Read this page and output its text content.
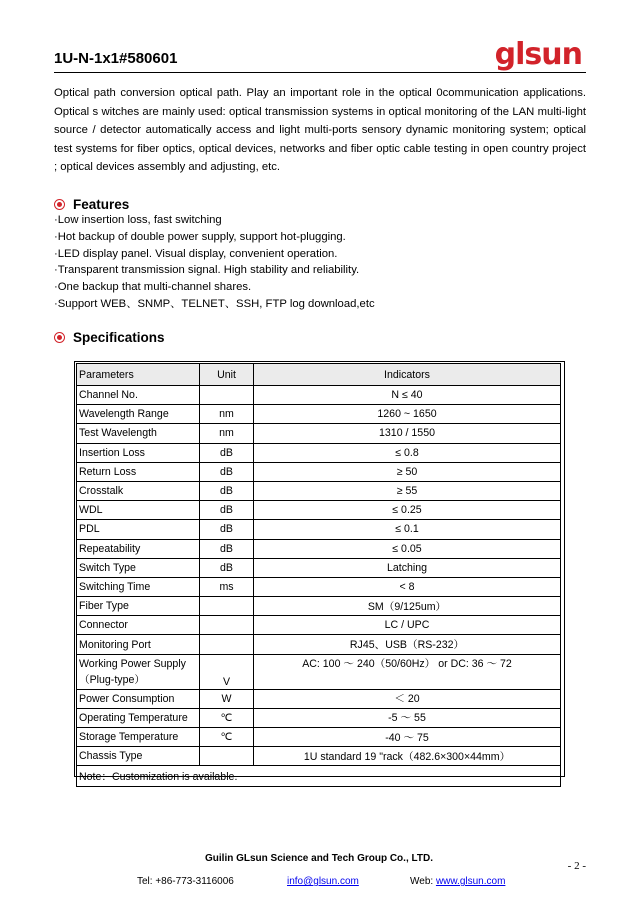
1U-N-1x1#580601	glsun
Optical path conversion optical path. Play an important role in the optical 0communication applications. Optical s witches are mainly used: optical transmission systems in optical monitoring of the LAN multi-light source / detector automatically access and light multi-ports sensory dynamic monitoring system; optical test systems for fiber optics, optical devices, networks and fiber optic cable testing in open country project ; optical devices assembly and adjusting, etc.
Features
·Low insertion loss, fast switching
·Hot backup of double power supply, support hot-plugging.
·LED display panel. Visual display, convenient operation.
·Transparent transmission signal. High stability and reliability.
·One backup that multi-channel shares.
·Support WEB、SNMP、TELNET、SSH, FTP log download,etc
Specifications
Parameters	Unit	Indicators
Channel No.		N ≤ 40
Wavelength Range	nm	1260 ~ 1650
Test Wavelength	nm	1310 / 1550
Insertion Loss	dB	≤ 0.8
Return Loss	dB	≥ 50
Crosstalk	dB	≥ 55
WDL	dB	≤ 0.25
PDL	dB	≤ 0.1
Repeatability	dB	≤ 0.05
Switch Type	dB	Latching
Switching Time	ms	< 8
Fiber Type		SM（9/125um）
Connector		LC / UPC
Monitoring Port		RJ45、USB（RS-232）
Working Power Supply
（Plug-type）	V	AC: 100 ～ 240（50/60Hz） or DC: 36 ～ 72
Power Consumption	W	＜ 20
Operating Temperature	℃	-5 ～ 55
Storage Temperature	℃	-40 ～ 75
Chassis Type		1U standard 19 "rack（482.6×300×44mm）
Note：Customization is available.		
Guilin GLsun Science and Tech Group Co., LTD.
- 2 -
Tel: +86-773-3116006	info@glsun.com	Web: www.glsun.com
